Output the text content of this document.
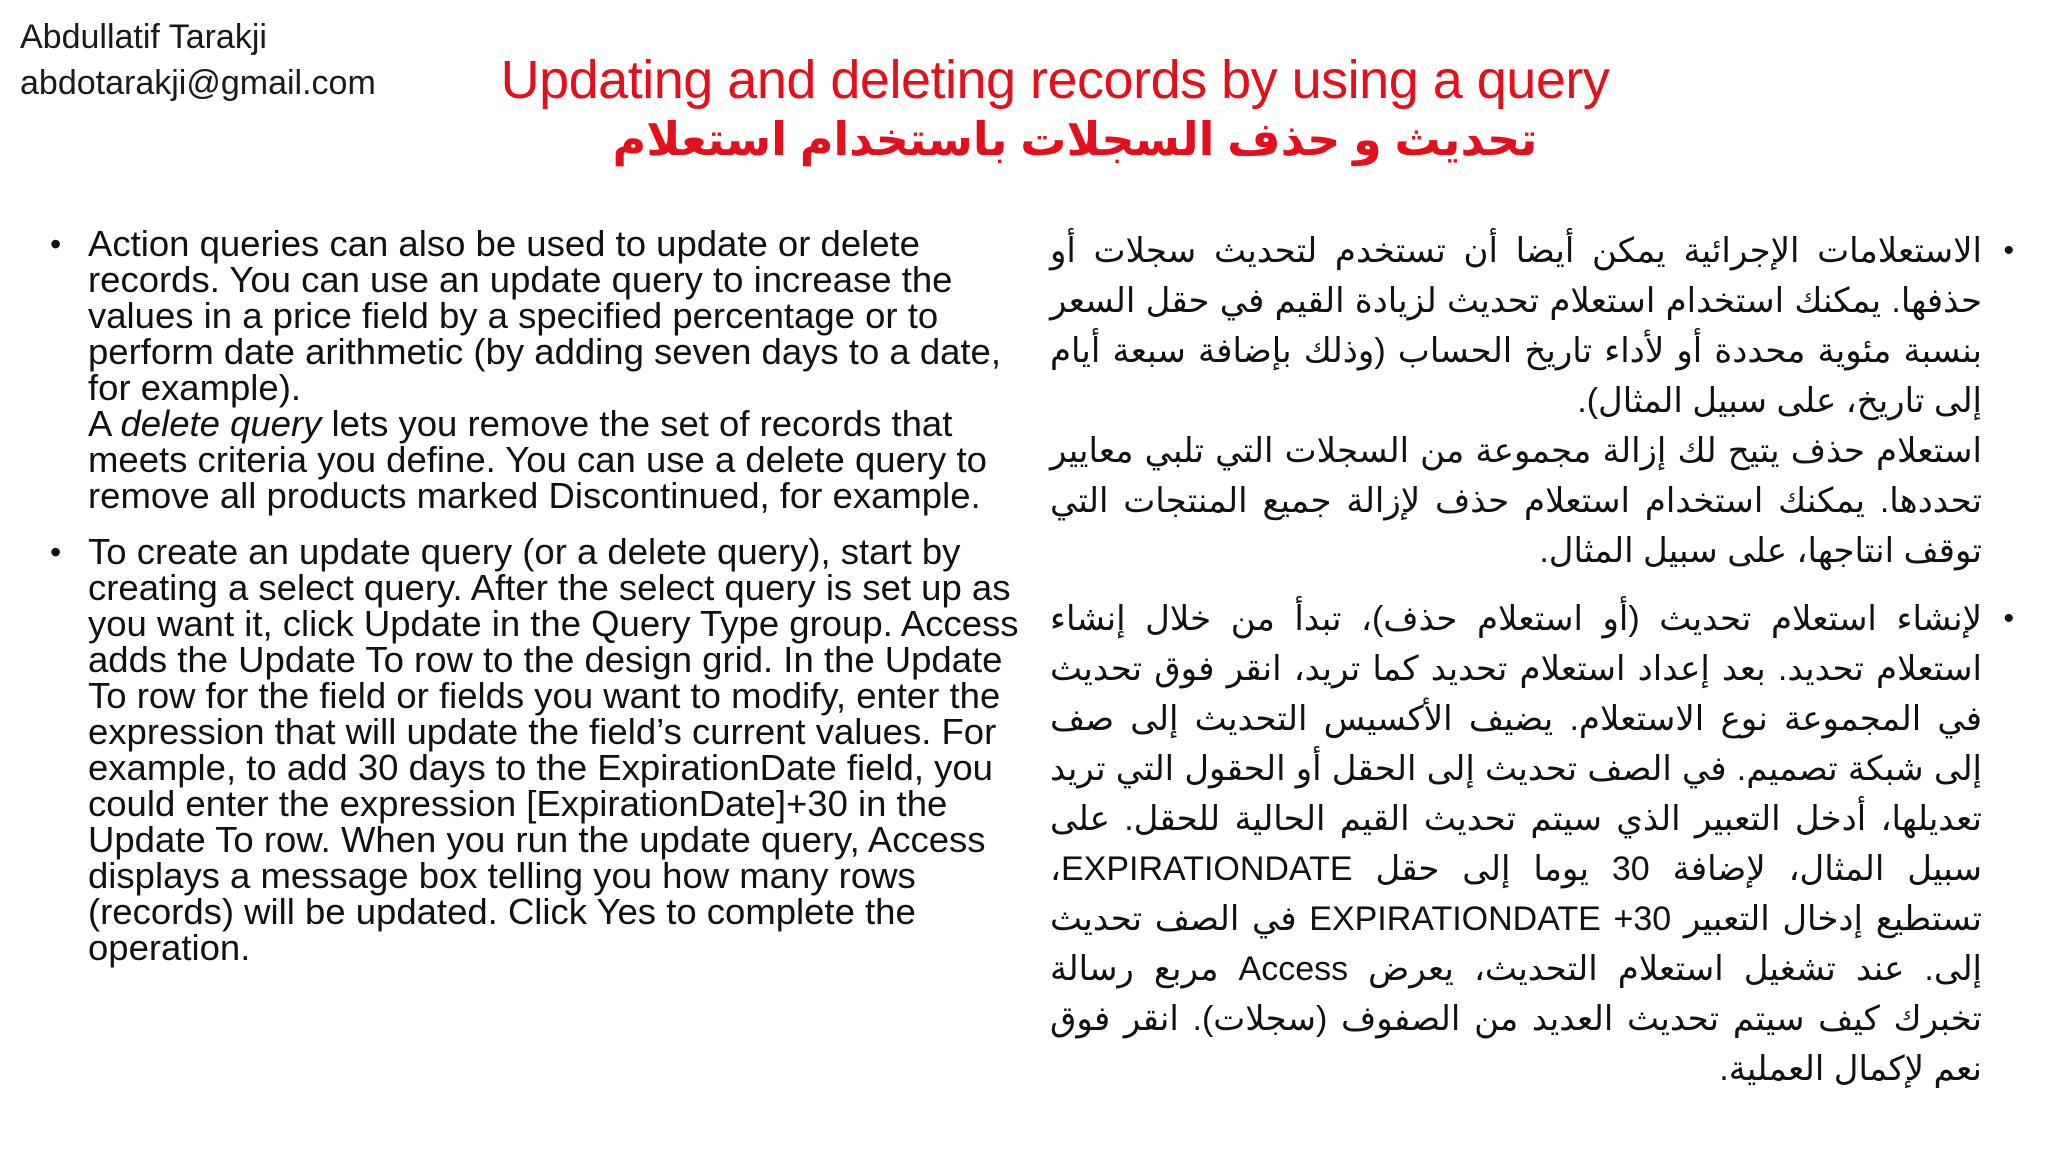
Abdullatif Tarakji
abdotarakji@gmail.com	Updating and deleting records by using a query
تحديث و حذف السجلات باستخدام استعلام

• Action queries can also be used to update or delete records. You can use an update query to increase the values in a price field by a specified percentage or to perform date arithmetic (by adding seven days to a date, for example).

A delete query lets you remove the set of records that meets criteria you define. You can use a delete query to remove all products marked Discontinued, for example.

• To create an update query (or a delete query), start by creating a select query. After the select query is set up as you want it, click Update in the Query Type group. Access adds the Update To row to the design grid. In the Update To row for the field or fields you want to modify, enter the expression that will update the field’s current values. For example, to add 30 days to the ExpirationDate field, you could enter the expression [ExpirationDate]+30 in the Update To row. When you run the update query, Access displays a message box telling you how many rows (records) will be updated. Click Yes to complete the operation.

• الاستعلامات الإجرائية يمكن أيضا أن تستخدم لتحديث سجلات أو حذفها. يمكنك استخدام استعلام تحديث لزيادة القيم في حقل السعر بنسبة مئوية محددة أو لأداء تاريخ الحساب (وذلك بإضافة سبعة أيام إلى تاريخ، على سبيل المثال).

استعلام حذف يتيح لك إزالة مجموعة من السجلات التي تلبي معايير تحددها. يمكنك استخدام استعلام حذف لإزالة جميع المنتجات التي توقف انتاجها، على سبيل المثال.

• لإنشاء استعلام تحديث (أو استعلام حذف)، تبدأ من خلال إنشاء استعلام تحديد. بعد إعداد استعلام تحديد كما تريد، انقر فوق تحديث في المجموعة نوع الاستعلام. يضيف الأكسيس التحديث إلى صف إلى شبكة تصميم. في الصف تحديث إلى الحقل أو الحقول التي تريد تعديلها، أدخل التعبير الذي سيتم تحديث القيم الحالية للحقل. على سبيل المثال، لإضافة 30 يوما إلى حقل EXPIRATIONDATE، تستطيع إدخال التعبير EXPIRATIONDATE +30 في الصف تحديث إلى. عند تشغيل استعلام التحديث، يعرض Access مربع رسالة تخبرك كيف سيتم تحديث العديد من الصفوف (سجلات). انقر فوق نعم لإكمال العملية.
